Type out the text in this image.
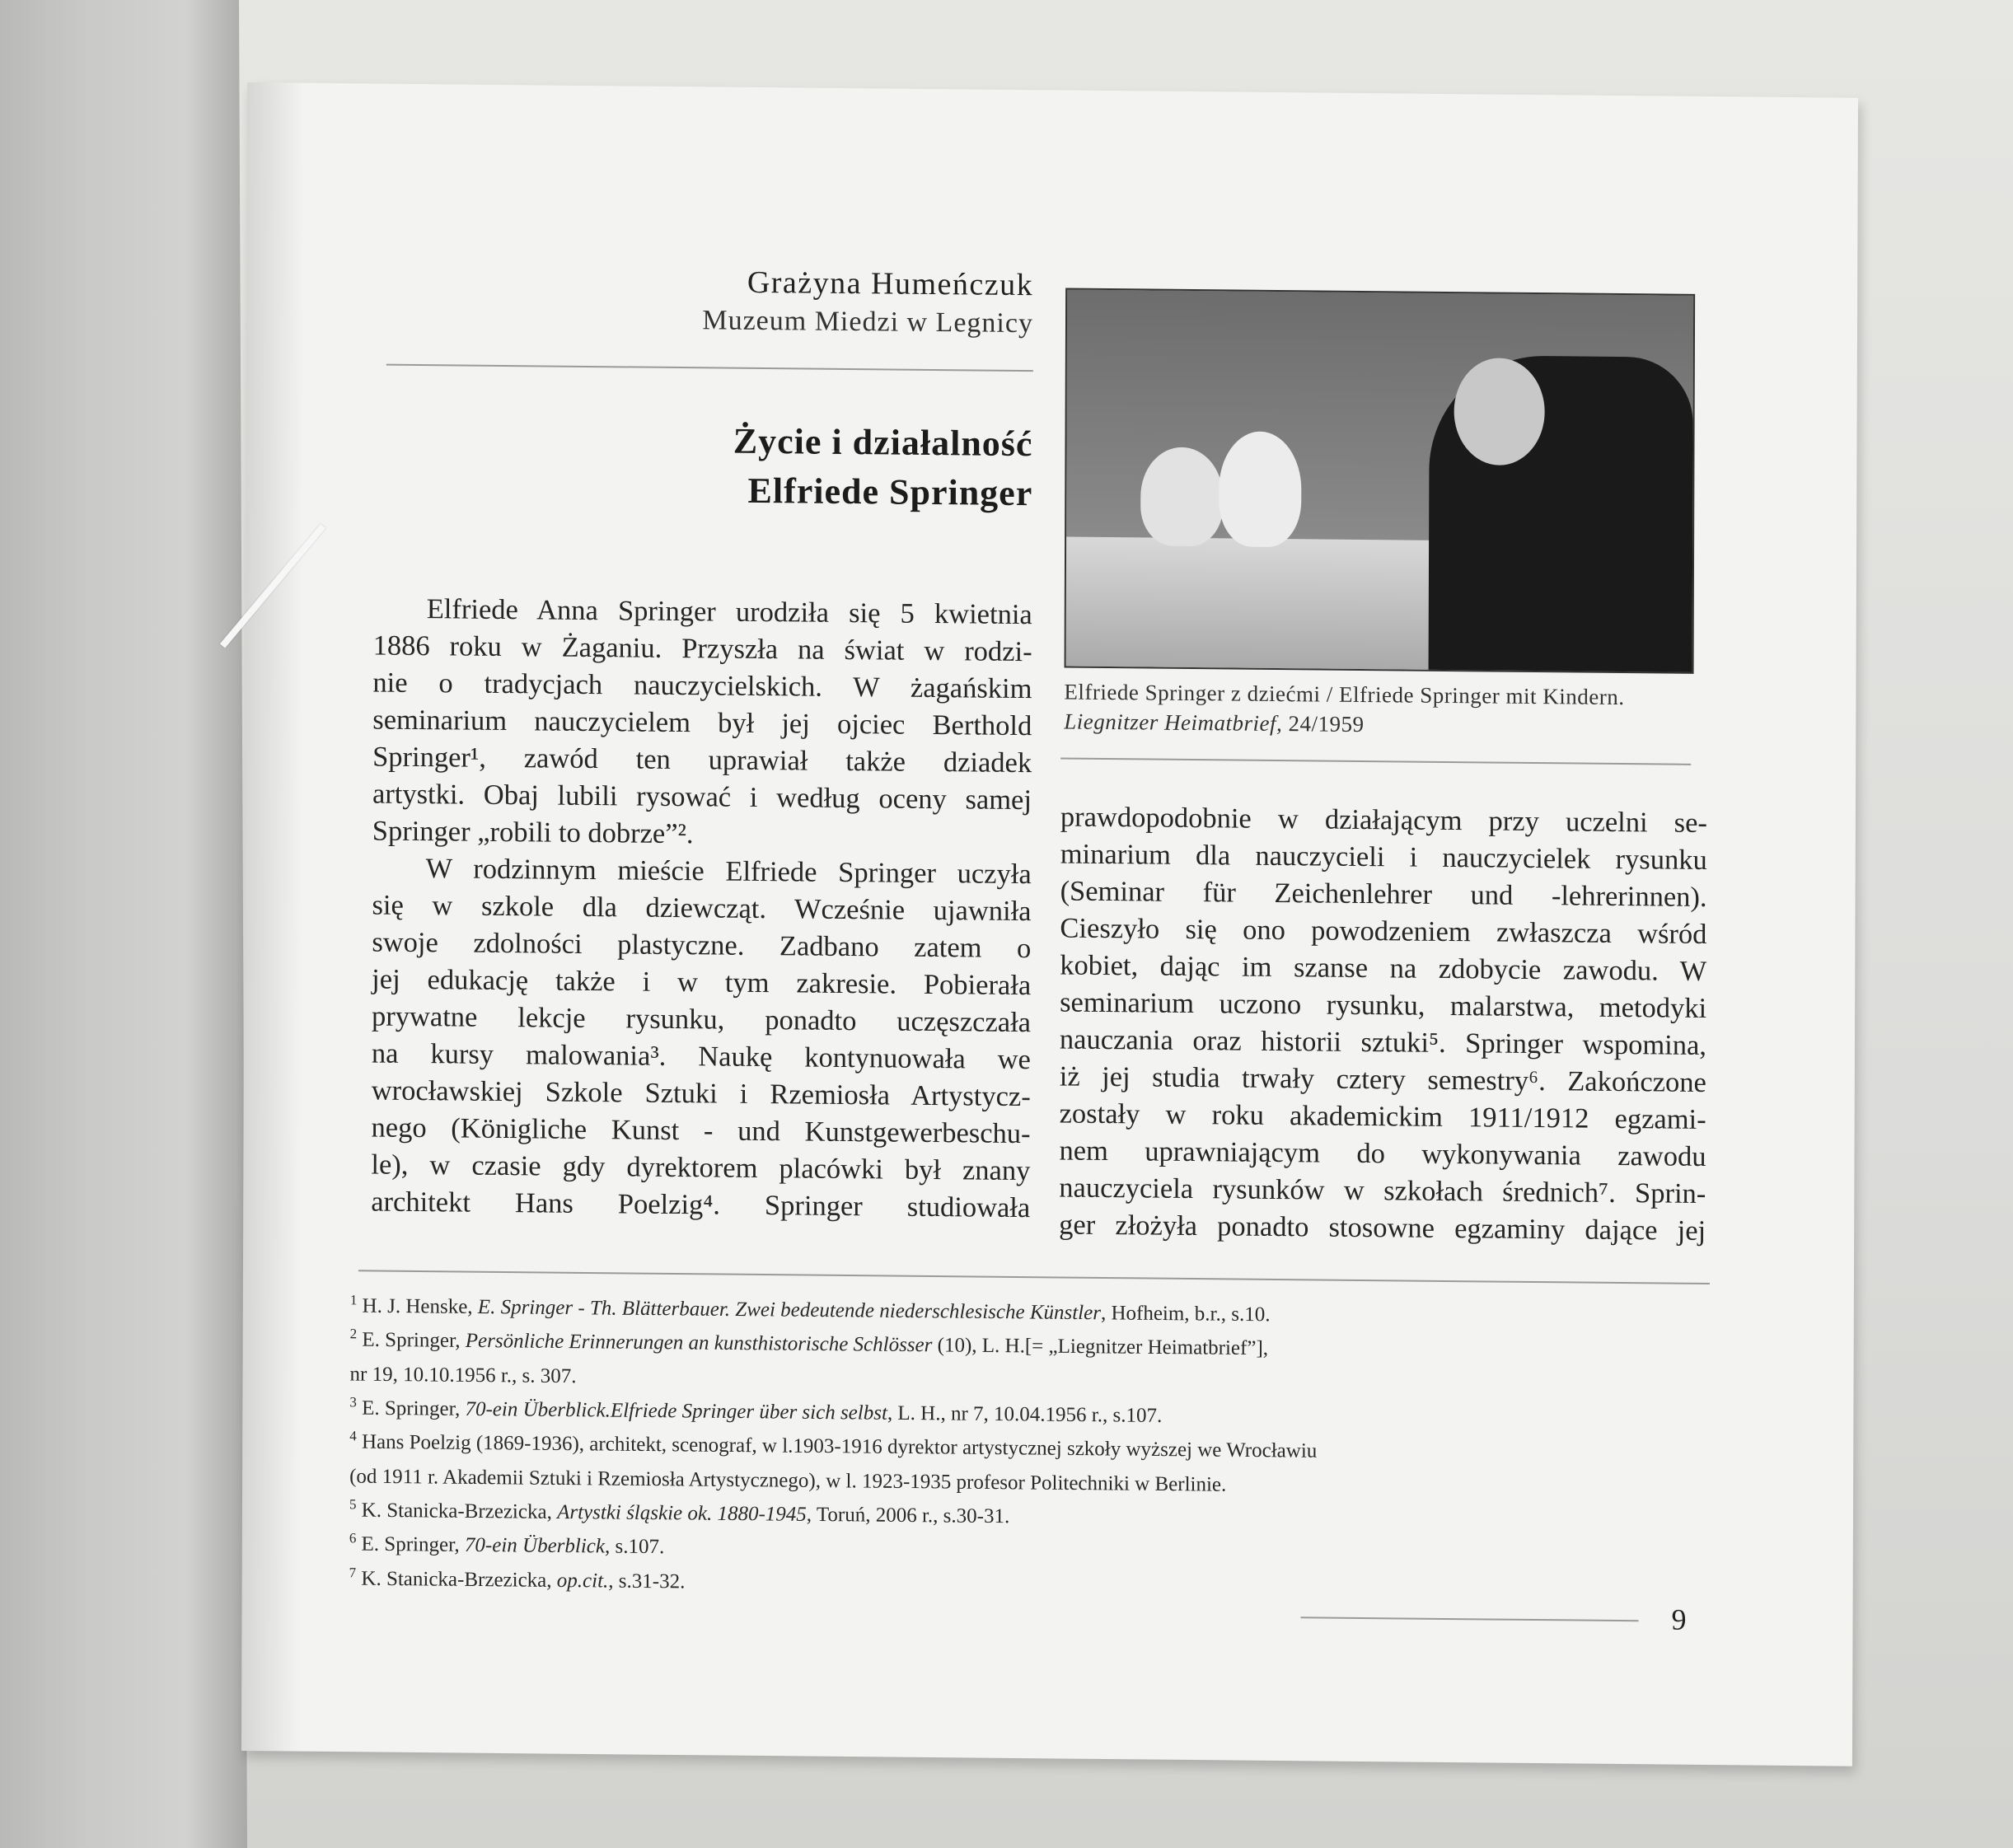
Grażyna Humeńczuk
Muzeum Miedzi w Legnicy
Życie i działalność
Elfriede Springer
Elfriede Anna Springer urodziła się 5 kwietnia
1886 roku w Żaganiu. Przyszła na świat w rodzi-
nie o tradycjach nauczycielskich. W żagańskim
seminarium nauczycielem był jej ojciec Berthold
Springer¹, zawód ten uprawiał także dziadek
artystki. Obaj lubili rysować i według oceny samej
Springer „robili to dobrze”².
W rodzinnym mieście Elfriede Springer uczyła
się w szkole dla dziewcząt. Wcześnie ujawniła
swoje zdolności plastyczne. Zadbano zatem o
jej edukację także i w tym zakresie. Pobierała
prywatne lekcje rysunku, ponadto uczęszczała
na kursy malowania³. Naukę kontynuowała we
wrocławskiej Szkole Sztuki i Rzemiosła Artystycz-
nego (Königliche Kunst - und Kunstgewerbeschu-
le), w czasie gdy dyrektorem placówki był znany
architekt Hans Poelzig⁴. Springer studiowała
Elfriede Springer z dziećmi / Elfriede Springer mit Kindern.
Liegnitzer Heimatbrief, 24/1959
prawdopodobnie w działającym przy uczelni se-
minarium dla nauczycieli i nauczycielek rysunku
(Seminar für Zeichenlehrer und -lehrerinnen).
Cieszyło się ono powodzeniem zwłaszcza wśród
kobiet, dając im szanse na zdobycie zawodu. W
seminarium uczono rysunku, malarstwa, metodyki
nauczania oraz historii sztuki⁵. Springer wspomina,
iż jej studia trwały cztery semestry⁶. Zakończone
zostały w roku akademickim 1911/1912 egzami-
nem uprawniającym do wykonywania zawodu
nauczyciela rysunków w szkołach średnich⁷. Sprin-
ger złożyła ponadto stosowne egzaminy dające jej
$^1$ H. J. Henske, E. Springer - Th. Blätterbauer. Zwei bedeutende niederschlesische Künstler, Hofheim, b.r., s.10.
$^2$ E. Springer, Persönliche Erinnerungen an kunsthistorische Schlösser (10), L. H.[= „Liegnitzer Heimatbrief”],
nr 19, 10.10.1956 r., s. 307.
$^3$ E. Springer, 70-ein Überblick.Elfriede Springer über sich selbst, L. H., nr 7, 10.04.1956 r., s.107.
$^4$ Hans Poelzig (1869-1936), architekt, scenograf, w l.1903-1916 dyrektor artystycznej szkoły wyższej we Wrocławiu
(od 1911 r. Akademii Sztuki i Rzemiosła Artystycznego), w l. 1923-1935 profesor Politechniki w Berlinie.
$^5$ K. Stanicka-Brzezicka, Artystki śląskie ok. 1880-1945, Toruń, 2006 r., s.30-31.
$^6$ E. Springer, 70-ein Überblick, s.107.
$^7$ K. Stanicka-Brzezicka, op.cit., s.31-32.
9
